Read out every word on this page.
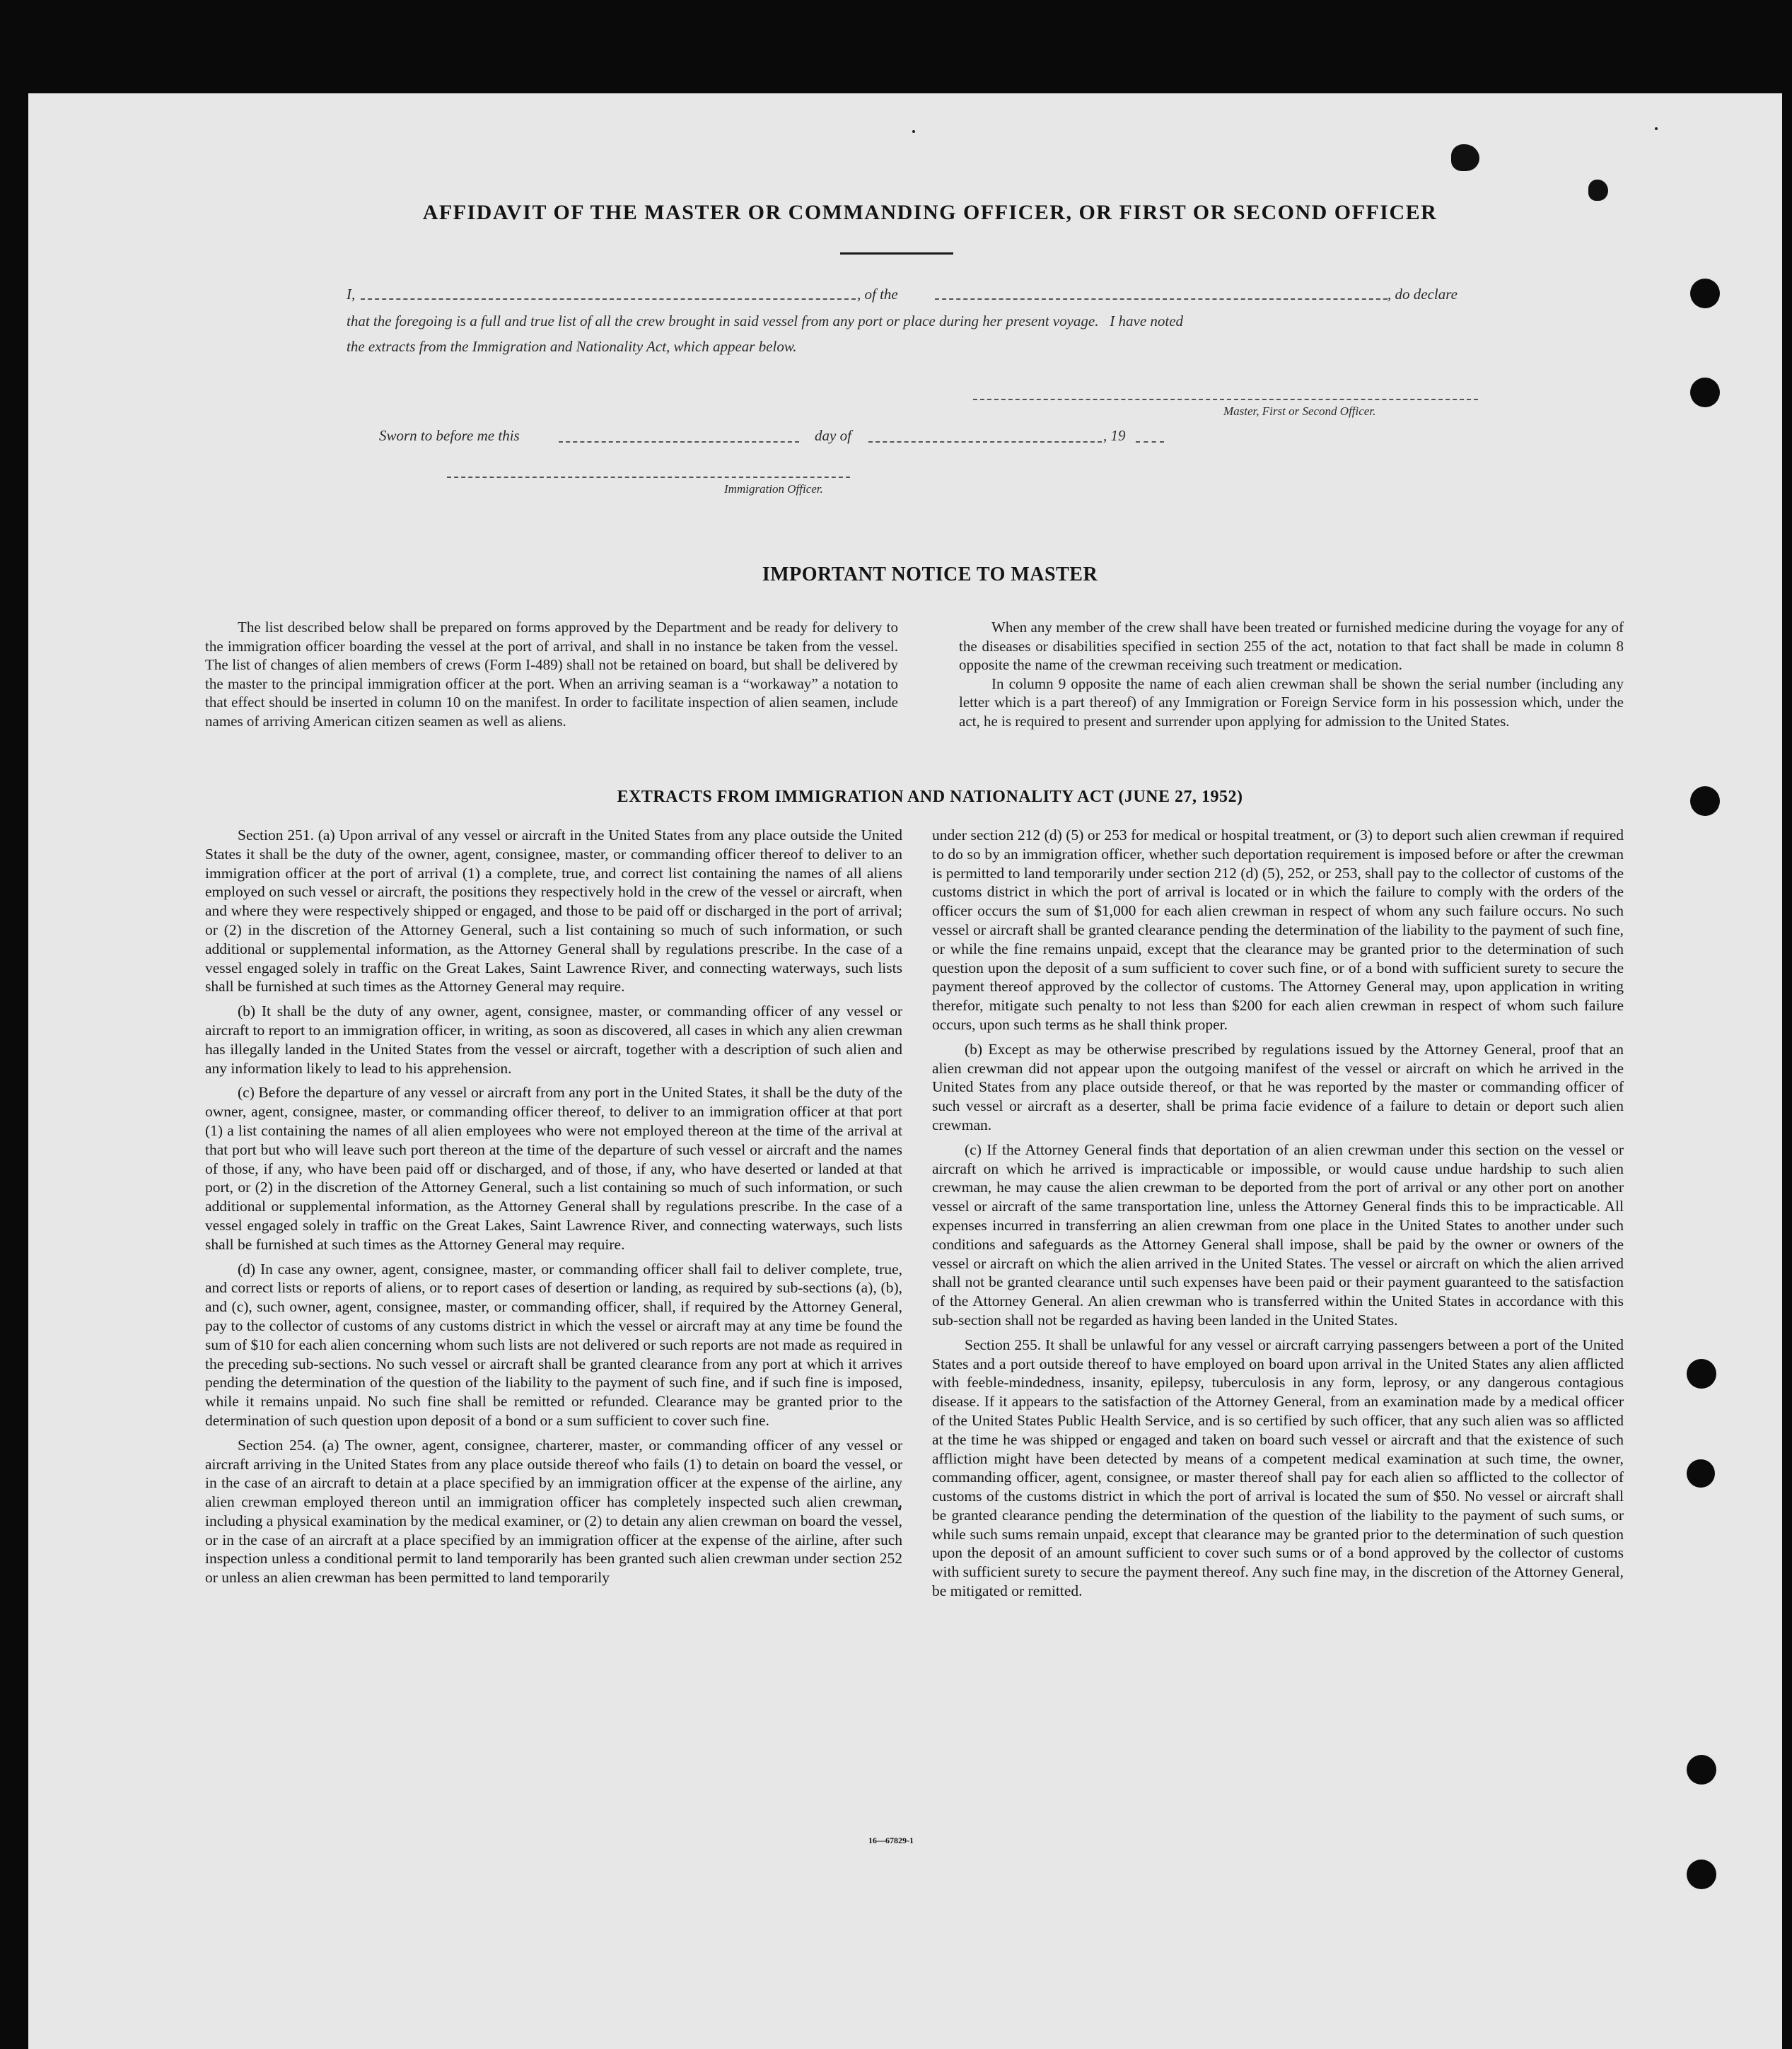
AFFIDAVIT OF THE MASTER OR COMMANDING OFFICER, OR FIRST OR SECOND OFFICER
I,	, of the	, do declare
that the foregoing is a full and true list of all the crew brought in said vessel from any port or place during her present voyage.   I have noted
the extracts from the Immigration and Nationality Act, which appear below.
Master, First or Second Officer.
Sworn to before me this	day of	, 19
Immigration Officer.
IMPORTANT NOTICE TO MASTER

The list described below shall be prepared on forms approved by the Department and be ready for delivery to the immigration officer boarding the vessel at the port of arrival, and shall in no instance be taken from the vessel. The list of changes of alien members of crews (Form I-489) shall not be retained on board, but shall be delivered by the master to the principal immigration officer at the port. When an arriving seaman is a “workaway” a notation to that effect should be inserted in column 10 on the manifest. In order to facilitate inspection of alien seamen, include names of arriving American citizen seamen as well as aliens.

When any member of the crew shall have been treated or furnished medicine during the voyage for any of the diseases or disabilities specified in section 255 of the act, notation to that fact shall be made in column 8 opposite the name of the crewman receiving such treatment or medication.

In column 9 opposite the name of each alien crewman shall be shown the serial number (including any letter which is a part thereof) of any Immigration or Foreign Service form in his possession which, under the act, he is required to present and surrender upon applying for admission to the United States.

EXTRACTS FROM IMMIGRATION AND NATIONALITY ACT (JUNE 27, 1952)

Section 251. (a) Upon arrival of any vessel or aircraft in the United States from any place outside the United States it shall be the duty of the owner, agent, consignee, master, or commanding officer thereof to deliver to an immigration officer at the port of arrival (1) a complete, true, and correct list containing the names of all aliens employed on such vessel or aircraft, the positions they respectively hold in the crew of the vessel or aircraft, when and where they were respectively shipped or engaged, and those to be paid off or discharged in the port of arrival; or (2) in the discretion of the Attorney General, such a list containing so much of such information, or such additional or supplemental information, as the Attorney General shall by regulations prescribe. In the case of a vessel engaged solely in traffic on the Great Lakes, Saint Lawrence River, and connecting waterways, such lists shall be furnished at such times as the Attorney General may require.

(b) It shall be the duty of any owner, agent, consignee, master, or commanding officer of any vessel or aircraft to report to an immigration officer, in writing, as soon as discovered, all cases in which any alien crewman has illegally landed in the United States from the vessel or aircraft, together with a description of such alien and any information likely to lead to his apprehension.

(c) Before the departure of any vessel or aircraft from any port in the United States, it shall be the duty of the owner, agent, consignee, master, or commanding officer thereof, to deliver to an immigration officer at that port (1) a list containing the names of all alien employees who were not employed thereon at the time of the arrival at that port but who will leave such port thereon at the time of the departure of such vessel or aircraft and the names of those, if any, who have been paid off or discharged, and of those, if any, who have deserted or landed at that port, or (2) in the discretion of the Attorney General, such a list containing so much of such information, or such additional or supplemental information, as the Attorney General shall by regulations prescribe. In the case of a vessel engaged solely in traffic on the Great Lakes, Saint Lawrence River, and connecting waterways, such lists shall be furnished at such times as the Attorney General may require.

(d) In case any owner, agent, consignee, master, or commanding officer shall fail to deliver complete, true, and correct lists or reports of aliens, or to report cases of desertion or landing, as required by sub-sections (a), (b), and (c), such owner, agent, consignee, master, or commanding officer, shall, if required by the Attorney General, pay to the collector of customs of any customs district in which the vessel or aircraft may at any time be found the sum of $10 for each alien concerning whom such lists are not delivered or such reports are not made as required in the preceding sub-sections. No such vessel or aircraft shall be granted clearance from any port at which it arrives pending the determination of the question of the liability to the payment of such fine, and if such fine is imposed, while it remains unpaid. No such fine shall be remitted or refunded. Clearance may be granted prior to the determination of such question upon deposit of a bond or a sum sufficient to cover such fine.

Section 254. (a) The owner, agent, consignee, charterer, master, or commanding officer of any vessel or aircraft arriving in the United States from any place outside thereof who fails (1) to detain on board the vessel, or in the case of an aircraft to detain at a place specified by an immigration officer at the expense of the airline, any alien crewman employed thereon until an immigration officer has completely inspected such alien crewman, including a physical examination by the medical examiner, or (2) to detain any alien crewman on board the vessel, or in the case of an aircraft at a place specified by an immigration officer at the expense of the airline, after such inspection unless a conditional permit to land temporarily has been granted such alien crewman under section 252 or unless an alien crewman has been permitted to land temporarily

under section 212 (d) (5) or 253 for medical or hospital treatment, or (3) to deport such alien crewman if required to do so by an immigration officer, whether such deportation requirement is imposed before or after the crewman is permitted to land temporarily under section 212 (d) (5), 252, or 253, shall pay to the collector of customs of the customs district in which the port of arrival is located or in which the failure to comply with the orders of the officer occurs the sum of $1,000 for each alien crewman in respect of whom any such failure occurs. No such vessel or aircraft shall be granted clearance pending the determination of the liability to the payment of such fine, or while the fine remains unpaid, except that the clearance may be granted prior to the determination of such question upon the deposit of a sum sufficient to cover such fine, or of a bond with sufficient surety to secure the payment thereof approved by the collector of customs. The Attorney General may, upon application in writing therefor, mitigate such penalty to not less than $200 for each alien crewman in respect of whom such failure occurs, upon such terms as he shall think proper.

(b) Except as may be otherwise prescribed by regulations issued by the Attorney General, proof that an alien crewman did not appear upon the outgoing manifest of the vessel or aircraft on which he arrived in the United States from any place outside thereof, or that he was reported by the master or commanding officer of such vessel or aircraft as a deserter, shall be prima facie evidence of a failure to detain or deport such alien crewman.

(c) If the Attorney General finds that deportation of an alien crewman under this section on the vessel or aircraft on which he arrived is impracticable or impossible, or would cause undue hardship to such alien crewman, he may cause the alien crewman to be deported from the port of arrival or any other port on another vessel or aircraft of the same transportation line, unless the Attorney General finds this to be impracticable. All expenses incurred in transferring an alien crewman from one place in the United States to another under such conditions and safeguards as the Attorney General shall impose, shall be paid by the owner or owners of the vessel or aircraft on which the alien arrived in the United States. The vessel or aircraft on which the alien arrived shall not be granted clearance until such expenses have been paid or their payment guaranteed to the satisfaction of the Attorney General. An alien crewman who is transferred within the United States in accordance with this sub-section shall not be regarded as having been landed in the United States.

Section 255. It shall be unlawful for any vessel or aircraft carrying passengers between a port of the United States and a port outside thereof to have employed on board upon arrival in the United States any alien afflicted with feeble-mindedness, insanity, epilepsy, tuberculosis in any form, leprosy, or any dangerous contagious disease. If it appears to the satisfaction of the Attorney General, from an examination made by a medical officer of the United States Public Health Service, and is so certified by such officer, that any such alien was so afflicted at the time he was shipped or engaged and taken on board such vessel or aircraft and that the existence of such affliction might have been detected by means of a competent medical examination at such time, the owner, commanding officer, agent, consignee, or master thereof shall pay for each alien so afflicted to the collector of customs of the customs district in which the port of arrival is located the sum of $50. No vessel or aircraft shall be granted clearance pending the determination of the question of the liability to the payment of such sums, or while such sums remain unpaid, except that clearance may be granted prior to the determination of such question upon the deposit of an amount sufficient to cover such sums or of a bond approved by the collector of customs with sufficient surety to secure the payment thereof. Any such fine may, in the discretion of the Attorney General, be mitigated or remitted.

16—67829-1
